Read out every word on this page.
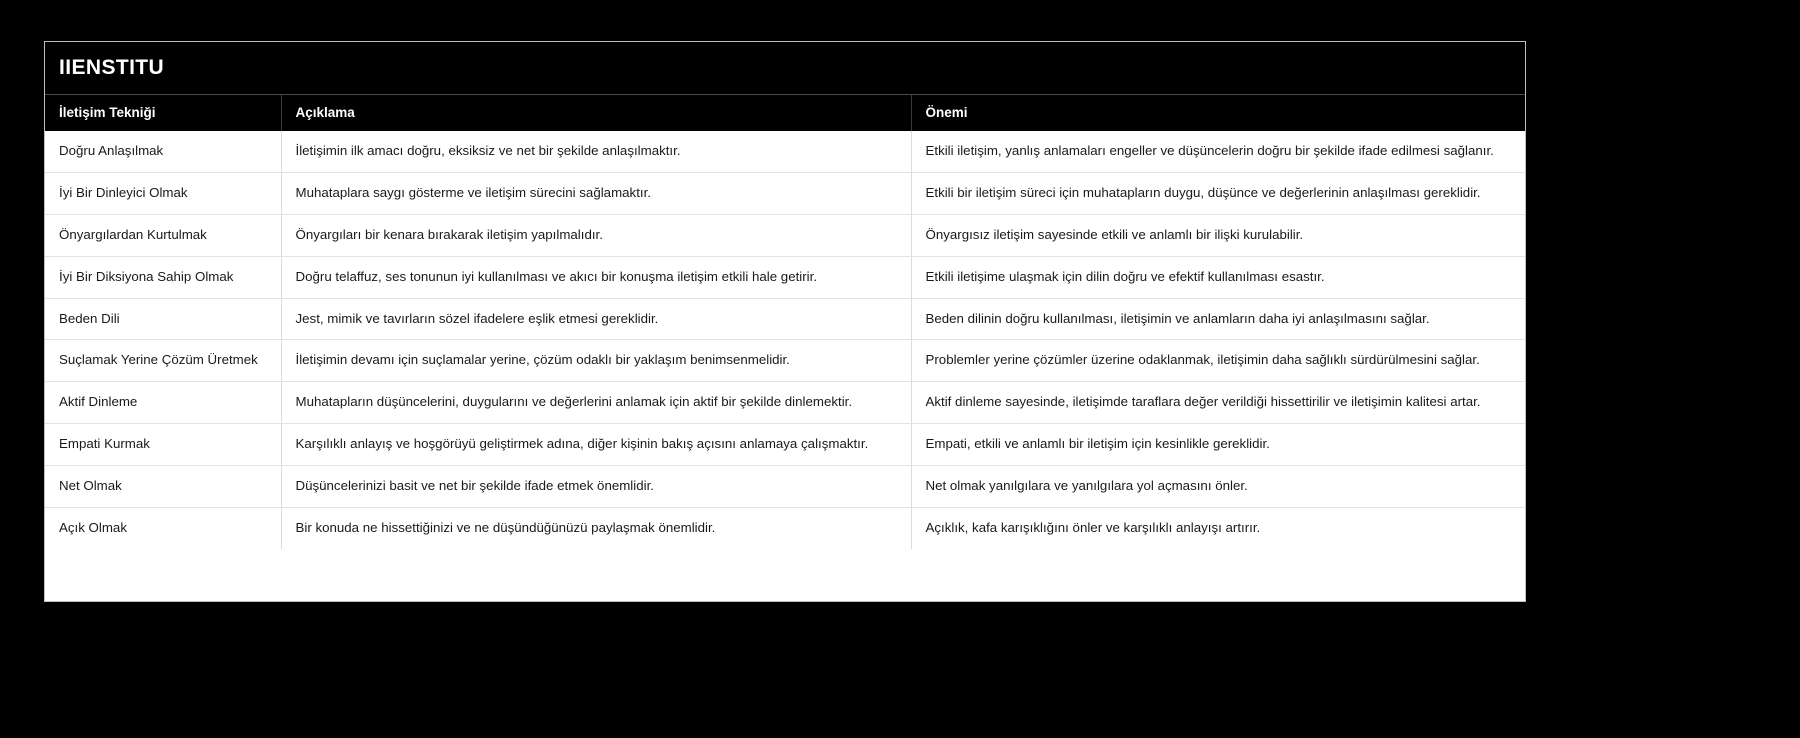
IIENSTITU
İletişim Tekniği	Açıklama	Önemi

Doğru Anlaşılmak	İletişimin ilk amacı doğru, eksiksiz ve net bir şekilde anlaşılmaktır.	Etkili iletişim, yanlış anlamaları engeller ve düşüncelerin doğru bir şekilde ifade edilmesi sağlanır.

İyi Bir Dinleyici Olmak	Muhataplara saygı gösterme ve iletişim sürecini sağlamaktır.	Etkili bir iletişim süreci için muhatapların duygu, düşünce ve değerlerinin anlaşılması gereklidir.

Önyargılardan Kurtulmak	Önyargıları bir kenara bırakarak iletişim yapılmalıdır.	Önyargısız iletişim sayesinde etkili ve anlamlı bir ilişki kurulabilir.

İyi Bir Diksiyona Sahip Olmak	Doğru telaffuz, ses tonunun iyi kullanılması ve akıcı bir konuşma iletişim etkili hale getirir.	Etkili iletişime ulaşmak için dilin doğru ve efektif kullanılması esastır.

Beden Dili	Jest, mimik ve tavırların sözel ifadelere eşlik etmesi gereklidir.	Beden dilinin doğru kullanılması, iletişimin ve anlamların daha iyi anlaşılmasını sağlar.

Suçlamak Yerine Çözüm Üretmek	İletişimin devamı için suçlamalar yerine, çözüm odaklı bir yaklaşım benimsenmelidir.	Problemler yerine çözümler üzerine odaklanmak, iletişimin daha sağlıklı sürdürülmesini sağlar.

Aktif Dinleme	Muhatapların düşüncelerini, duygularını ve değerlerini anlamak için aktif bir şekilde dinlemektir.	Aktif dinleme sayesinde, iletişimde taraflara değer verildiği hissettirilir ve iletişimin kalitesi artar.

Empati Kurmak	Karşılıklı anlayış ve hoşgörüyü geliştirmek adına, diğer kişinin bakış açısını anlamaya çalışmaktır.	Empati, etkili ve anlamlı bir iletişim için kesinlikle gereklidir.

Net Olmak	Düşüncelerinizi basit ve net bir şekilde ifade etmek önemlidir.	Net olmak yanılgılara ve yanılgılara yol açmasını önler.

Açık Olmak	Bir konuda ne hissettiğinizi ve ne düşündüğünüzü paylaşmak önemlidir.	Açıklık, kafa karışıklığını önler ve karşılıklı anlayışı artırır.
